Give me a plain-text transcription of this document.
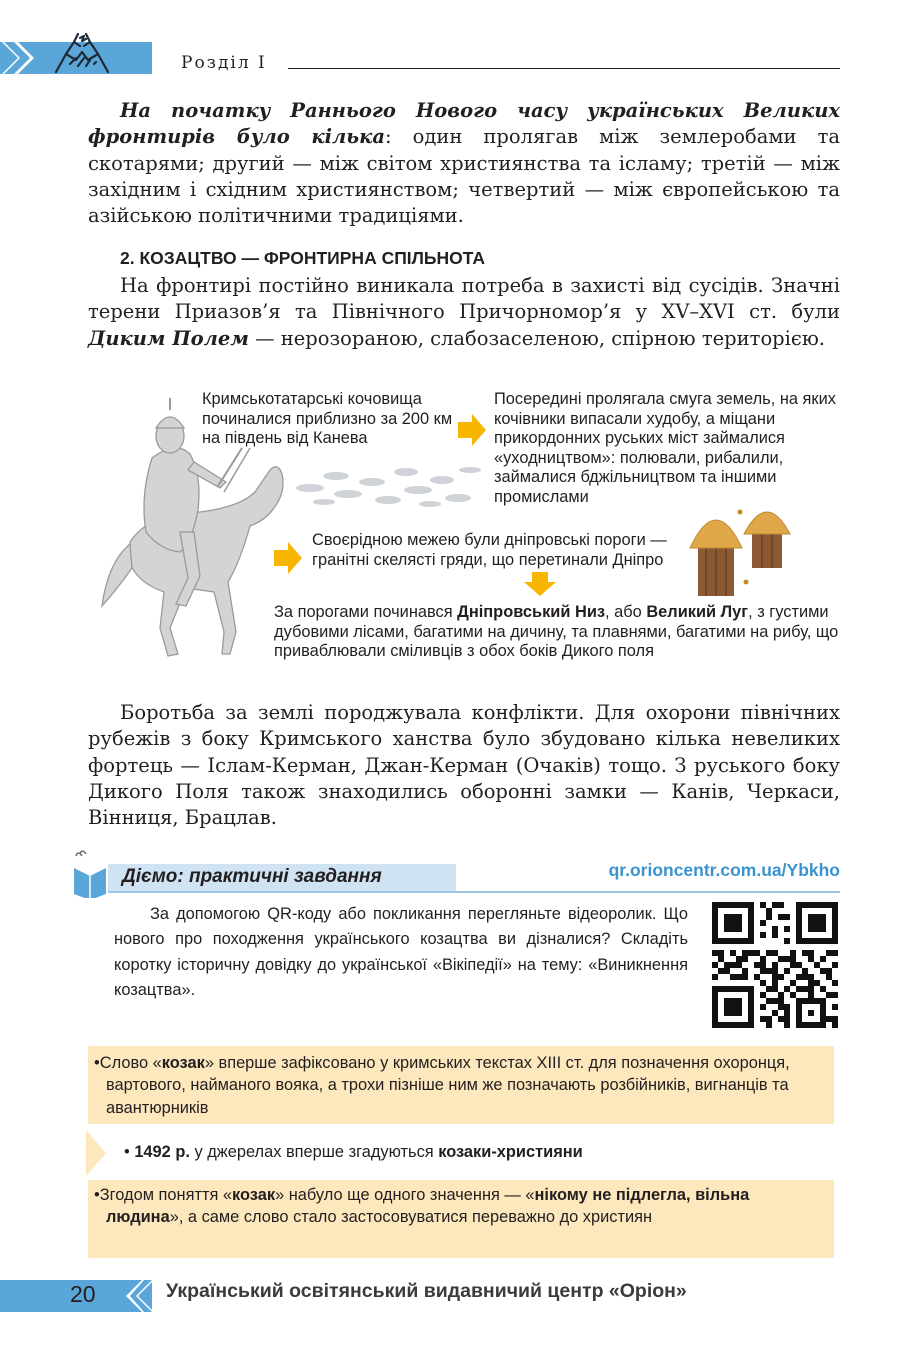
Розділ І
На початку Раннього Нового часу українських Великих фронтирів було кілька: один пролягав між землеробами та скотарями; другий — між світом християнства та ісламу; третій — між західним і східним християнством; четвертий — між європейською та азійською політичними традиціями.
2. КОЗАЦТВО — ФРОНТИРНА СПІЛЬНОТА
На фронтирі постійно виникала потреба в захисті від сусідів. Значні терени Приазов’я та Північного Причорномор’я у XV–XVI ст. були Диким Полем — нерозораною, слабозаселеною, спірною територією.
Кримськотатарські кочовища починалися приблизно за 200 км на південь від Канева
Посередині пролягала смуга земель, на яких кочівники випасали худобу, а міщани прикордонних руських міст займалися «уходництвом»: полювали, рибалили, займалися бджільництвом та іншими промислами
Своєрідною межею були дніпровські пороги — гранітні скелясті гряди, що перетинали Дніпро
За порогами починався Дніпровський Низ, або Великий Луг, з густими дубовими лісами, багатими на дичину, та плавнями, багатими на рибу, що приваблювали сміливців з обох боків Дикого поля
Боротьба за землі породжувала конфлікти. Для охорони північних рубежів з боку Кримського ханства було збудовано кілька невеликих фортець — Іслам-Керман, Джан-Керман (Очаків) тощо. З руського боку Дикого Поля також знаходились оборонні замки — Канів, Черкаси, Вінниця, Брацлав.
Діємо: практичні завдання	qr.orioncentr.com.ua/Ybkho
За допомогою QR-коду або покликання перегляньте відеоролик. Що нового про походження українського козацтва ви дізналися? Складіть коротку історичну довідку до української «Вікіпедії» на тему: «Виникнення козацтва».
•Слово «козак» вперше зафіксовано у кримських текстах XIII ст. для позначення охоронця, вартового, найманого вояка, а трохи пізніше ним же позначають розбійників, вигнанців та авантюрників
• 1492 р. у джерелах вперше згадуються козаки-християни
•Згодом поняття «козак» набуло ще одного значення — «нікому не підлегла, вільна людина», а саме слово стало застосовуватися переважно до християн
20	Український освітянський видавничий центр «Оріон»
